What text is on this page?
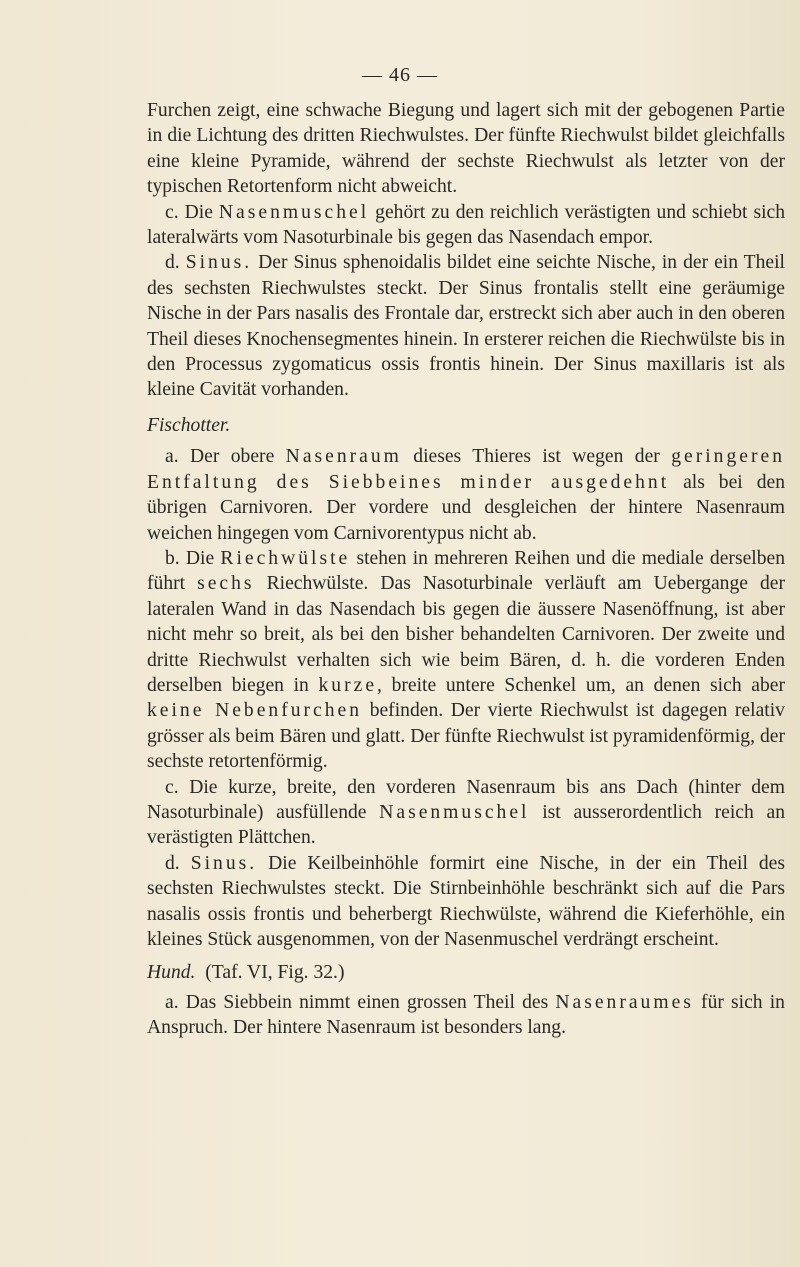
— 46 —

Furchen zeigt, eine schwache Biegung und lagert sich mit der gebogenen Partie in die Lichtung des dritten Riechwulstes. Der fünfte Riechwulst bildet gleichfalls eine kleine Pyramide, während der sechste Riechwulst als letzter von der typischen Retortenform nicht abweicht.

c. Die Nasenmuschel gehört zu den reichlich verästigten und schiebt sich lateralwärts vom Nasoturbinale bis gegen das Nasendach empor.

d. Sinus. Der Sinus sphenoidalis bildet eine seichte Nische, in der ein Theil des sechsten Riechwulstes steckt. Der Sinus frontalis stellt eine geräumige Nische in der Pars nasalis des Frontale dar, erstreckt sich aber auch in den oberen Theil dieses Knochensegmentes hinein. In ersterer reichen die Riechwülste bis in den Processus zygomaticus ossis frontis hinein. Der Sinus maxillaris ist als kleine Cavität vorhanden.

Fischotter.

a. Der obere Nasenraum dieses Thieres ist wegen der geringeren Entfaltung des Siebbeines minder ausgedehnt als bei den übrigen Carnivoren. Der vordere und desgleichen der hintere Nasenraum weichen hingegen vom Carnivorentypus nicht ab.

b. Die Riechwülste stehen in mehreren Reihen und die mediale derselben führt sechs Riechwülste. Das Nasoturbinale verläuft am Uebergange der lateralen Wand in das Nasendach bis gegen die äussere Nasenöffnung, ist aber nicht mehr so breit, als bei den bisher behandelten Carnivoren. Der zweite und dritte Riechwulst verhalten sich wie beim Bären, d. h. die vorderen Enden derselben biegen in kurze, breite untere Schenkel um, an denen sich aber keine Nebenfurchen befinden. Der vierte Riechwulst ist dagegen relativ grösser als beim Bären und glatt. Der fünfte Riechwulst ist pyramidenförmig, der sechste retortenförmig.

c. Die kurze, breite, den vorderen Nasenraum bis ans Dach (hinter dem Nasoturbinale) ausfüllende Nasenmuschel ist ausserordentlich reich an verästigten Plättchen.

d. Sinus. Die Keilbeinhöhle formirt eine Nische, in der ein Theil des sechsten Riechwulstes steckt. Die Stirnbeinhöhle beschränkt sich auf die Pars nasalis ossis frontis und beherbergt Riechwülste, während die Kieferhöhle, ein kleines Stück ausgenommen, von der Nasenmuschel verdrängt erscheint.

Hund.  (Taf. VI, Fig. 32.)

a. Das Siebbein nimmt einen grossen Theil des Nasenraumes für sich in Anspruch. Der hintere Nasenraum ist besonders lang.
